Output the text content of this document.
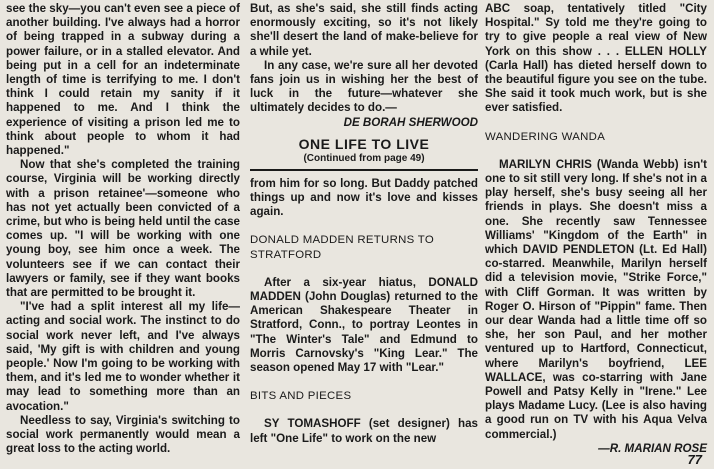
see the sky—you can't even see a piece of another building. I've always had a horror of being trapped in a subway during a power failure, or in a stalled elevator. And being put in a cell for an indeterminate length of time is terrifying to me. I don't think I could retain my sanity if it happened to me. And I think the experience of visiting a prison led me to think about people to whom it had happened."

Now that she's completed the training course, Virginia will be working directly with a prison retainee'—someone who has not yet actually been convicted of a crime, but who is being held until the case comes up. "I will be working with one young boy, see him once a week. The volunteers see if we can contact their lawyers or family, see if they want books that are permitted to be brought it.

"I've had a split interest all my life—acting and social work. The instinct to do social work never left, and I've always said, 'My gift is with children and young people.' Now I'm going to be working with them, and it's led me to wonder whether it may lead to something more than an avocation."

Needless to say, Virginia's switching to social work permanently would mean a great loss to the acting world.

But, as she's said, she still finds acting enormously exciting, so it's not likely she'll desert the land of make-believe for a while yet.

In any case, we're sure all her devoted fans join us in wishing her the best of luck in the future—whatever she ultimately decides to do.—

DE BORAH SHERWOOD

ONE LIFE TO LIVE
(Continued from page 49)

from him for so long. But Daddy patched things up and now it's love and kisses again.

DONALD MADDEN RETURNS TO STRATFORD

After a six-year hiatus, DONALD MADDEN (John Douglas) returned to the American Shakespeare Theater in Stratford, Conn., to portray Leontes in "The Winter's Tale" and Edmund to Morris Carnovsky's "King Lear." The season opened May 17 with "Lear."

BITS AND PIECES

SY TOMASHOFF (set designer) has left "One Life" to work on the new

ABC soap, tentatively titled "City Hospital." Sy told me they're going to try to give people a real view of New York on this show . . . ELLEN HOLLY (Carla Hall) has dieted herself down to the beautiful figure you see on the tube. She said it took much work, but is she ever satisfied.

WANDERING WANDA

MARILYN CHRIS (Wanda Webb) isn't one to sit still very long. If she's not in a play herself, she's busy seeing all her friends in plays. She doesn't miss a one. She recently saw Tennessee Williams' "Kingdom of the Earth" in which DAVID PENDLETON (Lt. Ed Hall) co-starred. Meanwhile, Marilyn herself did a television movie, "Strike Force," with Cliff Gorman. It was written by Roger O. Hirson of "Pippin" fame. Then our dear Wanda had a little time off so she, her son Paul, and her mother ventured up to Hartford, Connecticut, where Marilyn's boyfriend, LEE WALLACE, was co-starring with Jane Powell and Patsy Kelly in "Irene." Lee plays Madame Lucy. (Lee is also having a good run on TV with his Aqua Velva commercial.)

—R. MARIAN ROSE

77
